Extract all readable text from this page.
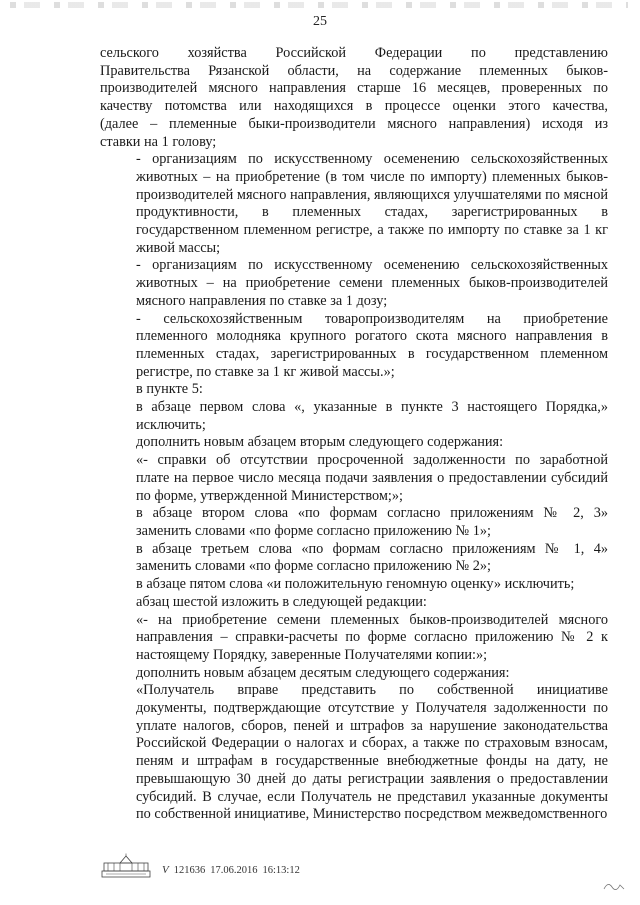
25

сельского хозяйства Российской Федерации по представлению
Правительства Рязанской области, на содержание племенных быков-
производителей мясного направления старше 16 месяцев, проверенных по
качеству потомства или находящихся в процессе оценки этого качества,
(далее – племенные быки-производители мясного направления) исходя из
ставки на 1 голову;

- организациям по искусственному осеменению сельскохозяйственных
животных – на приобретение (в том числе по импорту) племенных быков-
производителей мясного направления, являющихся улучшателями по мясной
продуктивности, в племенных стадах, зарегистрированных в
государственном племенном регистре, а также по импорту по ставке за 1 кг
живой массы;

- организациям по искусственному осеменению сельскохозяйственных
животных – на приобретение семени племенных быков-производителей
мясного направления по ставке за 1 дозу;

- сельскохозяйственным товаропроизводителям на приобретение
племенного молодняка крупного рогатого скота мясного направления в
племенных стадах, зарегистрированных в государственном племенном
регистре, по ставке за 1 кг живой массы.»;

в пункте 5:

в абзаце первом слова «, указанные в пункте 3 настоящего Порядка,»
исключить;

дополнить новым абзацем вторым следующего содержания:

«- справки об отсутствии просроченной задолженности по заработной
плате на первое число месяца подачи заявления о предоставлении субсидий
по форме, утвержденной Министерством;»;

в абзаце втором слова «по формам согласно приложениям № 2, 3»
заменить словами «по форме согласно приложению № 1»;

в абзаце третьем слова «по формам согласно приложениям № 1, 4»
заменить словами «по форме согласно приложению № 2»;

в абзаце пятом слова «и положительную геномную оценку» исключить;

абзац шестой изложить в следующей редакции:

«- на приобретение семени племенных быков-производителей мясного
направления – справки-расчеты по форме согласно приложению № 2 к
настоящему Порядку, заверенные Получателями копии:»;

дополнить новым абзацем десятым следующего содержания:

«Получатель вправе представить по собственной инициативе
документы, подтверждающие отсутствие у Получателя задолженности по
уплате налогов, сборов, пеней и штрафов за нарушение законодательства
Российской Федерации о налогах и сборах, а также по страховым взносам,
пеням и штрафам в государственные внебюджетные фонды на дату, не
превышающую 30 дней до даты регистрации заявления о предоставлении
субсидий. В случае, если Получатель не представил указанные документы
по собственной инициативе, Министерство посредством межведомственного

V 121636 17.06.2016 16:13:12
